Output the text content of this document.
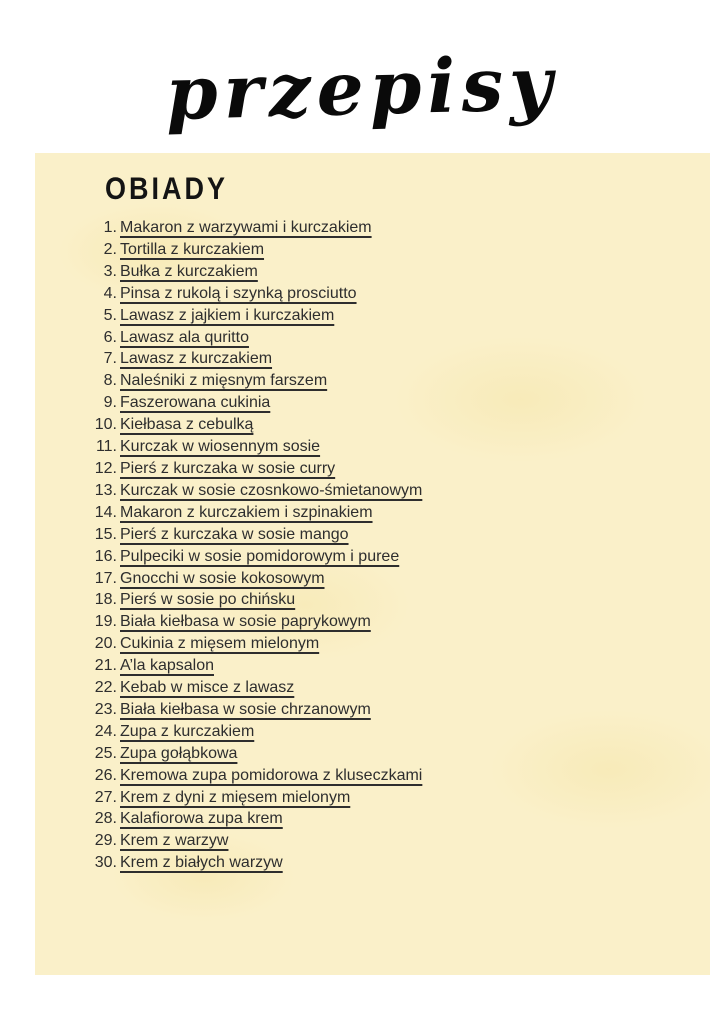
przepisy
OBIADY
1. Makaron z warzywami i kurczakiem
2. Tortilla z kurczakiem
3. Bułka z kurczakiem
4. Pinsa z rukolą i szynką prosciutto
5. Lawasz z jajkiem i kurczakiem
6. Lawasz ala quritto
7. Lawasz z kurczakiem
8. Naleśniki z mięsnym farszem
9. Faszerowana cukinia
10. Kiełbasa z cebulką
11. Kurczak w wiosennym sosie
12. Pierś z kurczaka w sosie curry
13. Kurczak w sosie czosnkowo-śmietanowym
14. Makaron z kurczakiem i szpinakiem
15. Pierś z kurczaka w sosie mango
16. Pulpeciki w sosie pomidorowym i puree
17. Gnocchi w sosie kokosowym
18. Pierś w sosie po chińsku
19. Biała kiełbasa w sosie paprykowym
20. Cukinia z mięsem mielonym
21. A’la kapsalon
22. Kebab w misce z lawasz
23. Biała kiełbasa w sosie chrzanowym
24. Zupa z kurczakiem
25. Zupa gołąbkowa
26. Kremowa zupa pomidorowa z kluseczkami
27. Krem z dyni z mięsem mielonym
28. Kalafiorowa zupa krem
29. Krem z warzyw
30. Krem z białych warzyw
